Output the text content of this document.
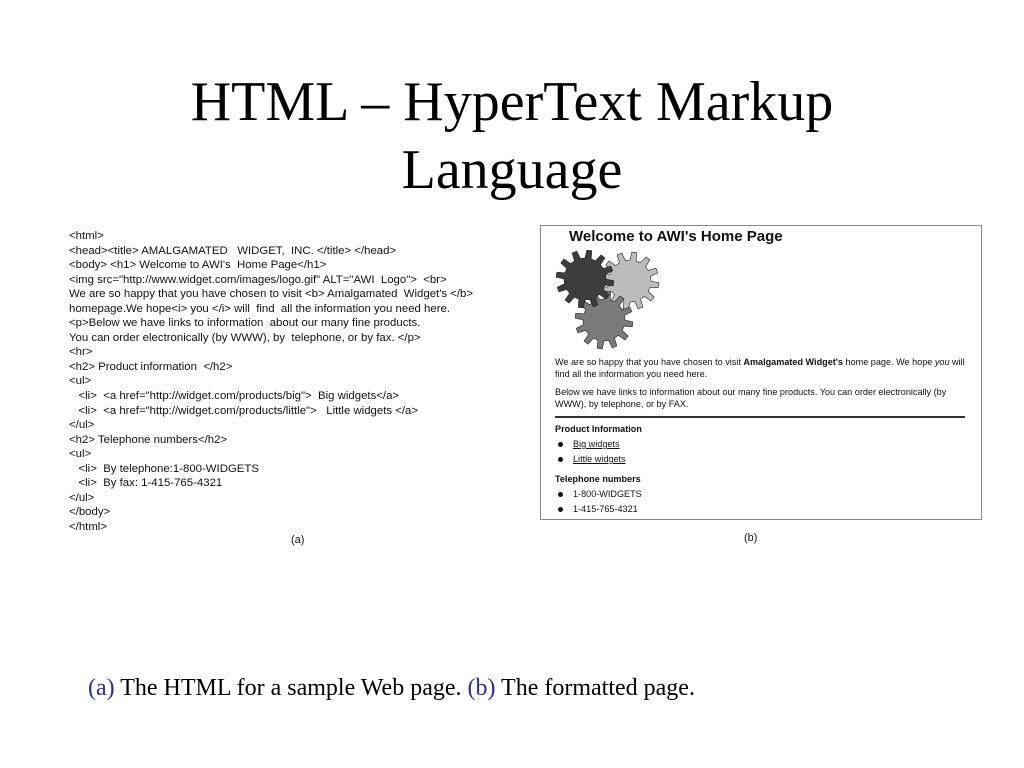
HTML – HyperText Markup
Language
<html>
<head><title> AMALGAMATED   WIDGET,  INC. </title> </head>
<body> <h1> Welcome to AWI's  Home Page</h1>
<img src="http://www.widget.com/images/logo.gif" ALT="AWI  Logo">  <br>
We are so happy that you have chosen to visit <b> Amalgamated  Widget's </b>
homepage.We hope<i> you </i> will  find  all the information you need here.
<p>Below we have links to information  about our many fine products.
You can order electronically (by WWW), by  telephone, or by fax. </p>
<hr>
<h2> Product information  </h2>
<ul>
<li>  <a href="http://widget.com/products/big">  Big widgets</a>
<li>  <a href="http://widget.com/products/little">   Little widgets </a>
</ul>
<h2> Telephone numbers</h2>
<ul>
<li>  By telephone:1-800-WIDGETS
<li>  By fax: 1-415-765-4321
</ul>
</body>
</html>
(a)
Welcome to AWI's Home Page
We are so happy that you have chosen to visit Amalgamated Widget's home page. We hope you will find all the information you need here.
Below we have links to information about our many fine products. You can order electronically (by WWW), by telephone, or by FAX.
Product Information
Big widgets
Little widgets
Telephone numbers
1-800-WIDGETS
1-415-765-4321
(b)
(a) The HTML for a sample Web page. (b) The formatted page.
